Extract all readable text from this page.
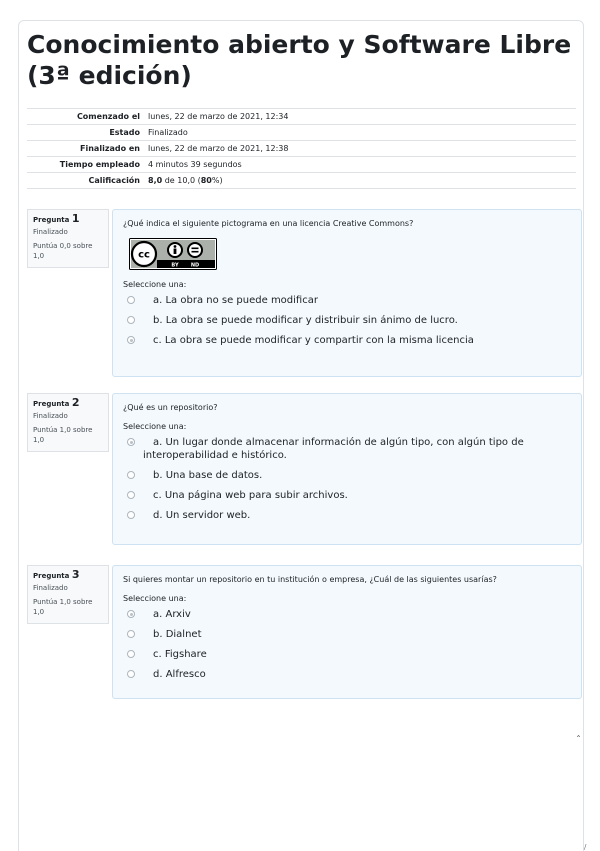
Conocimiento abierto y Software Libre (3ª edición)
Comenzado el	lunes, 22 de marzo de 2021, 12:34
Estado	Finalizado
Finalizado en	lunes, 22 de marzo de 2021, 12:38
Tiempo empleado	4 minutos 39 segundos
Calificación	8,0 de 10,0 (80%)
Pregunta 1
Finalizado
Puntúa 0,0 sobre 1,0

¿Qué indica el siguiente pictograma en una licencia Creative Commons?

cc
BY ND

Seleccione una:

a. La obra no se puede modificar
b. La obra se puede modificar y distribuir sin ánimo de lucro.
c. La obra se puede modificar y compartir con la misma licencia
Pregunta 2
Finalizado
Puntúa 1,0 sobre 1,0

¿Qué es un repositorio?

Seleccione una:

a. Un lugar donde almacenar información de algún tipo, con algún tipo de interoperabilidad e histórico.
b. Una base de datos.
c. Una página web para subir archivos.
d. Un servidor web.
Pregunta 3
Finalizado
Puntúa 1,0 sobre 1,0

Si quieres montar un repositorio en tu institución o empresa, ¿Cuál de las siguientes usarías?

Seleccione una:

a. Arxiv
b. Dialnet
c. Figshare
d. Alfresco
ˆ
/
